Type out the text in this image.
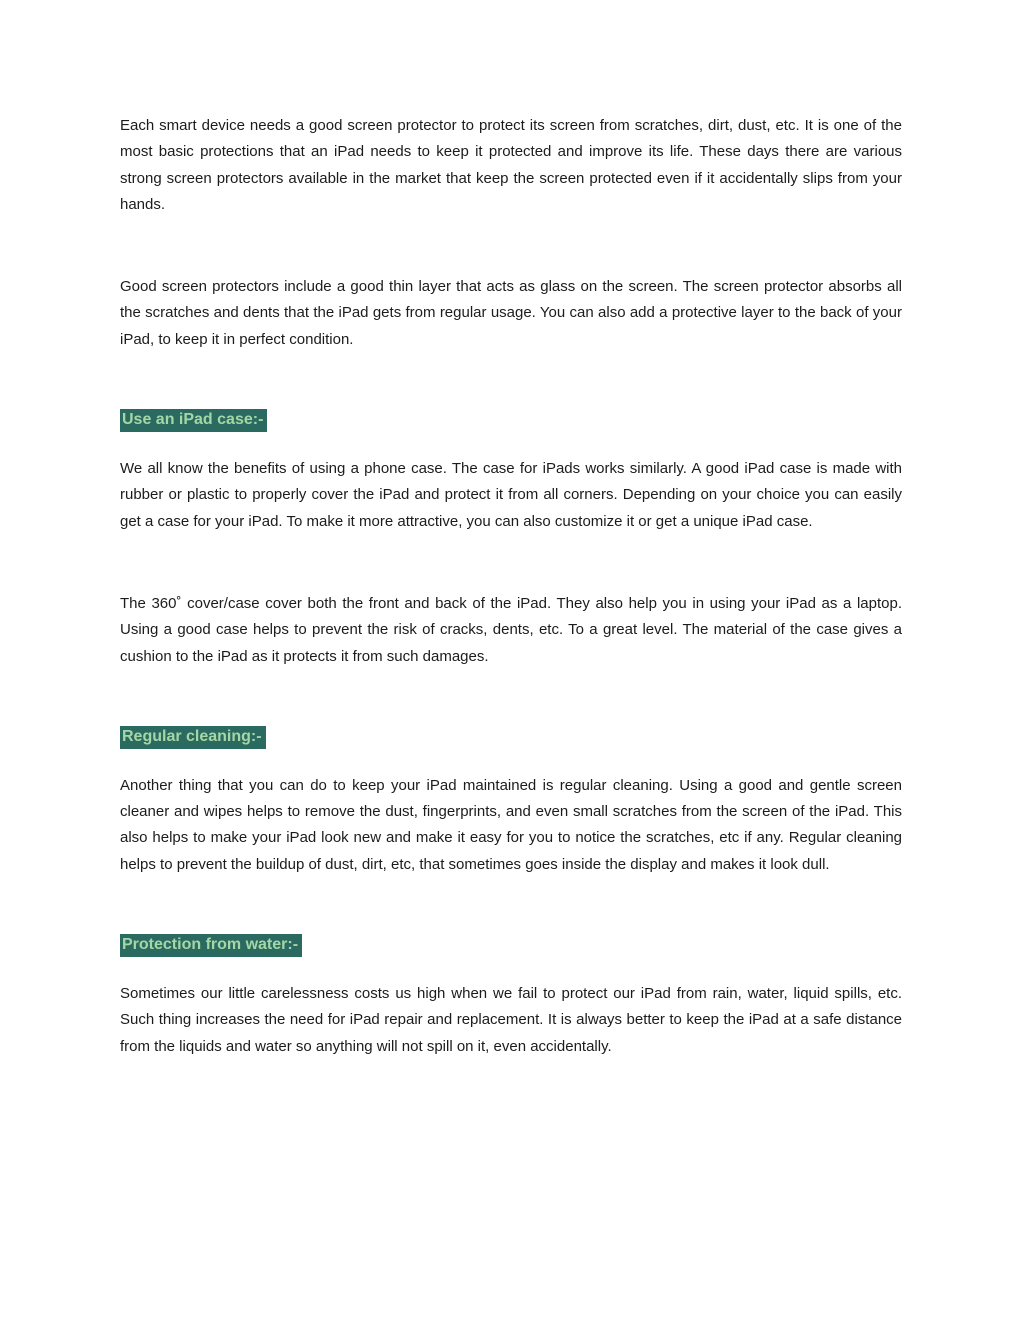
Each smart device needs a good screen protector to protect its screen from scratches, dirt, dust, etc. It is one of the most basic protections that an iPad needs to keep it protected and improve its life. These days there are various strong screen protectors available in the market that keep the screen protected even if it accidentally slips from your hands.

Good screen protectors include a good thin layer that acts as glass on the screen. The screen protector absorbs all the scratches and dents that the iPad gets from regular usage. You can also add a protective layer to the back of your iPad, to keep it in perfect condition.

Use an iPad case:-

We all know the benefits of using a phone case. The case for iPads works similarly. A good iPad case is made with rubber or plastic to properly cover the iPad and protect it from all corners. Depending on your choice you can easily get a case for your iPad. To make it more attractive, you can also customize it or get a unique iPad case.

The 360˚ cover/case cover both the front and back of the iPad. They also help you in using your iPad as a laptop. Using a good case helps to prevent the risk of cracks, dents, etc. To a great level. The material of the case gives a cushion to the iPad as it protects it from such damages.

Regular cleaning:-

Another thing that you can do to keep your iPad maintained is regular cleaning. Using a good and gentle screen cleaner and wipes helps to remove the dust, fingerprints, and even small scratches from the screen of the iPad. This also helps to make your iPad look new and make it easy for you to notice the scratches, etc if any. Regular cleaning helps to prevent the buildup of dust, dirt, etc, that sometimes goes inside the display and makes it look dull.

Protection from water:-

Sometimes our little carelessness costs us high when we fail to protect our iPad from rain, water, liquid spills, etc. Such thing increases the need for iPad repair and replacement. It is always better to keep the iPad at a safe distance from the liquids and water so anything will not spill on it, even accidentally.
